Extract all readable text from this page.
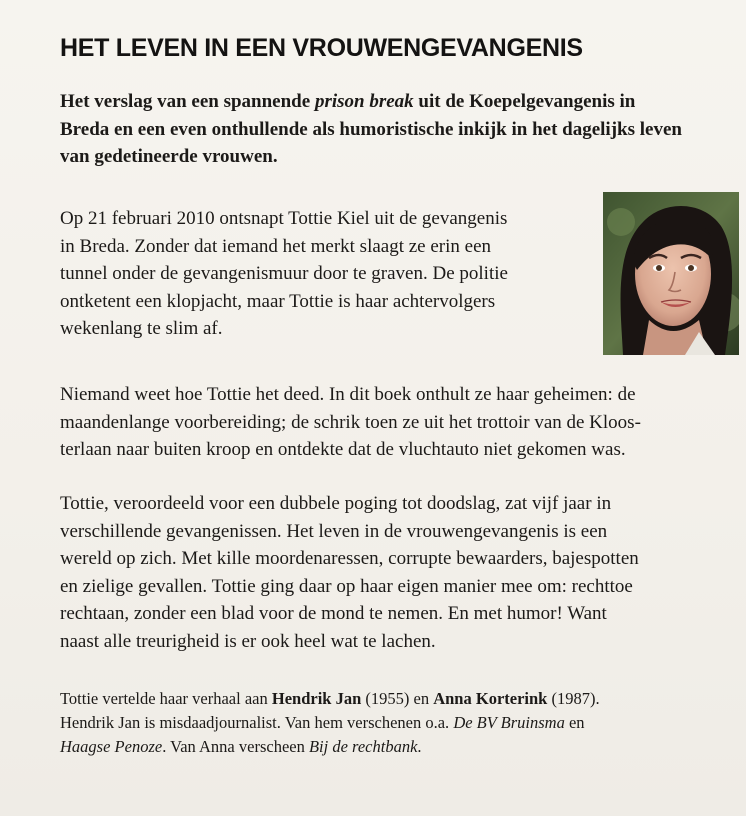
HET LEVEN IN EEN VROUWENGEVANGENIS

Het verslag van een spannende prison break uit de Koepelgevangenis in
Breda en een even onthullende als humoristische inkijk in het dagelijks leven
van gedetineerde vrouwen.

Op 21 februari 2010 ontsnapt Tottie Kiel uit de gevangenis
in Breda. Zonder dat iemand het merkt slaagt ze erin een
tunnel onder de gevangenismuur door te graven. De politie
ontketent een klopjacht, maar Tottie is haar achtervolgers
wekenlang te slim af.

Niemand weet hoe Tottie het deed. In dit boek onthult ze haar geheimen: de
maandenlange voorbereiding; de schrik toen ze uit het trottoir van de Kloos-
terlaan naar buiten kroop en ontdekte dat de vluchtauto niet gekomen was.

Tottie, veroordeeld voor een dubbele poging tot doodslag, zat vijf jaar in
verschillende gevangenissen. Het leven in de vrouwengevangenis is een
wereld op zich. Met kille moordenaressen, corrupte bewaarders, bajespotten
en zielige gevallen. Tottie ging daar op haar eigen manier mee om: rechttoe
rechtaan, zonder een blad voor de mond te nemen. En met humor! Want
naast alle treurigheid is er ook heel wat te lachen.

Tottie vertelde haar verhaal aan Hendrik Jan (1955) en Anna Korterink (1987).
Hendrik Jan is misdaadjournalist. Van hem verschenen o.a. De BV Bruinsma en
Haagse Penoze. Van Anna verscheen Bij de rechtbank.
